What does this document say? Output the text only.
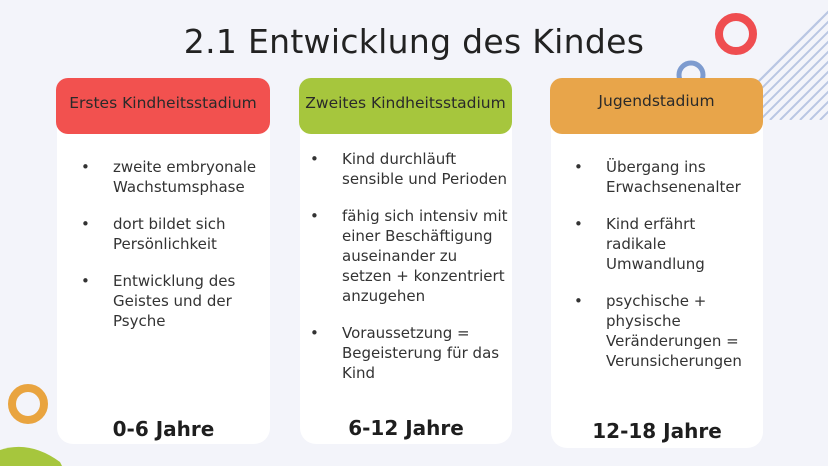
2.1 Entwicklung des Kindes
Erstes Kindheitsstadium
• zweite embryonale Wachstumsphase
• dort bildet sich Persönlichkeit
• Entwicklung des Geistes und der Psyche
0-6 Jahre
Zweites Kindheitsstadium
• Kind durchläuft sensible und Perioden
• fähig sich intensiv mit einer Beschäftigung auseinander zu setzen + konzentriert anzugehen
• Voraussetzung = Begeisterung für das Kind
6-12 Jahre
Jugendstadium
• Übergang ins Erwachsenenalter
• Kind erfährt radikale Umwandlung
• psychische + physische Veränderungen = Verunsicherungen
12-18 Jahre
